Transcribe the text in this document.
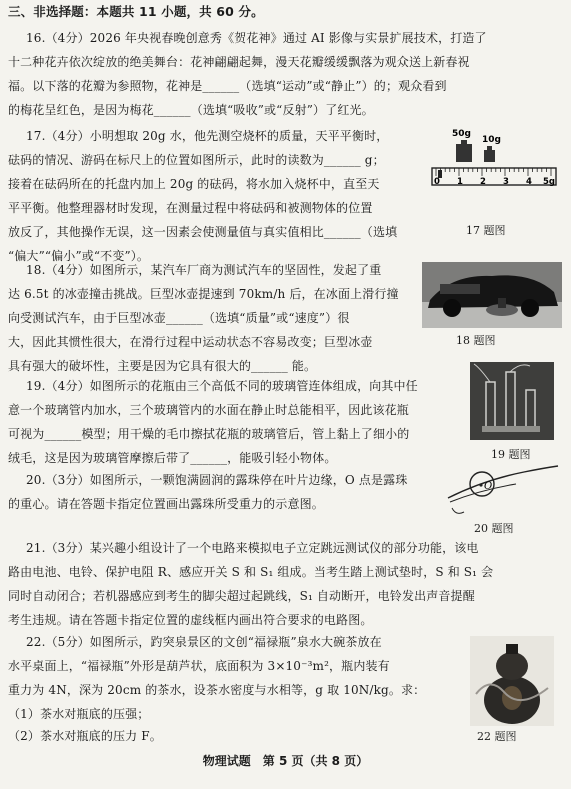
三、非选择题：本题共 11 小题，共 60 分。
16.（4分）2026 年央视春晚创意秀《贺花神》通过 AI 影像与实景扩展技术，打造了
十二种花卉依次绽放的绝美舞台：花神翩翩起舞，漫天花瓣缓缓飘落为观众送上新春祝
福。以下落的花瓣为参照物，花神是______（选填“运动”或“静止”）的；观众看到
的梅花呈红色，是因为梅花______（选填“吸收”或“反射”）了红光。
17.（4分）小明想取 20g 水，他先测空烧杯的质量，天平平衡时，
砝码的情况、游码在标尺上的位置如图所示，此时的读数为______ g；
接着在砝码所在的托盘内加上 20g 的砝码，将水加入烧杯中，直至天
平平衡。他整理器材时发现，在测量过程中将砝码和被测物体的位置
放反了，其他操作无误，这一因素会使测量值与真实值相比______（选填
“偏大”“偏小”或“不变”）。
50g
10g
0 1 2 3 4 5g
17 题图
18.（4分）如图所示，某汽车厂商为测试汽车的坚固性，发起了重
达 6.5t 的冰壶撞击挑战。巨型冰壶提速到 70km/h 后，在冰面上滑行撞
向受测试汽车，由于巨型冰壶______（选填“质量”或“速度”）很
大，因此其惯性很大，在滑行过程中运动状态不容易改变；巨型冰壶
具有强大的破坏性，主要是因为它具有很大的______ 能。
18 题图
19.（4分）如图所示的花瓶由三个高低不同的玻璃管连体组成，向其中任
意一个玻璃管内加水，三个玻璃管内的水面在静止时总能相平，因此该花瓶
可视为______模型；用干燥的毛巾擦拭花瓶的玻璃管后，管上黏上了细小的
绒毛，这是因为玻璃管摩擦后带了______，能吸引轻小物体。	19 题图
20.（3分）如图所示，一颗饱满圆润的露珠停在叶片边缘，O 点是露珠
的重心。请在答题卡指定位置画出露珠所受重力的示意图。
O
20 题图
21.（3分）某兴趣小组设计了一个电路来模拟电子立定跳远测试仪的部分功能，该电
路由电池、电铃、保护电阻 R、感应开关 S 和 S₁ 组成。当考生踏上测试垫时，S 和 S₁ 会
同时自动闭合；若机器感应到考生的脚尖超过起跳线，S₁ 自动断开，电铃发出声音提醒
考生违规。请在答题卡指定位置的虚线框内画出符合要求的电路图。
22.（5分）如图所示，趵突泉景区的文创“福禄瓶”泉水大碗茶放在
水平桌面上，“福禄瓶”外形是葫芦状，底面积为 3×10⁻³m²，瓶内装有
重力为 4N，深为 20cm 的茶水，设茶水密度与水相等，g 取 10N/kg。求：
（1）茶水对瓶底的压强；
（2）茶水对瓶底的压力 F。	22 题图
物理试题　第 5 页（共 8 页）
